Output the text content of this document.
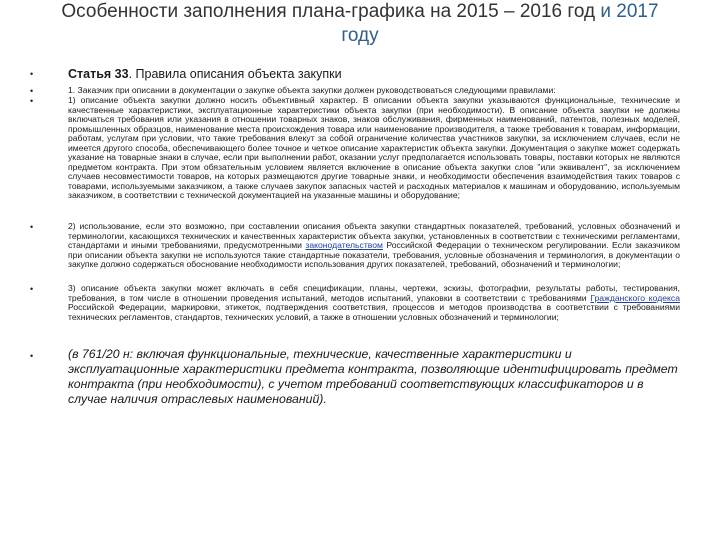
Особенности заполнения плана-графика на 2015 – 2016 год и 2017
году
•	Статья 33. Правила описания объекта закупки
•	1. Заказчик при описании в документации о закупке объекта закупки должен руководствоваться следующими правилами:
•	1) описание объекта закупки должно носить объективный характер. В описании объекта закупки указываются функциональные, технические и качественные характеристики, эксплуатационные характеристики объекта закупки (при необходимости). В описание объекта закупки не должны включаться требования или указания в отношении товарных знаков, знаков обслуживания, фирменных наименований, патентов, полезных моделей, промышленных образцов, наименование места происхождения товара или наименование производителя, а также требования к товарам, информации, работам, услугам при условии, что такие требования влекут за собой ограничение количества участников закупки, за исключением случаев, если не имеется другого способа, обеспечивающего более точное и четкое описание характеристик объекта закупки. Документация о закупке может содержать указание на товарные знаки в случае, если при выполнении работ, оказании услуг предполагается использовать товары, поставки которых не являются предметом контракта. При этом обязательным условием является включение в описание объекта закупки слов "или эквивалент", за исключением случаев несовместимости товаров, на которых размещаются другие товарные знаки, и необходимости обеспечения взаимодействия таких товаров с товарами, используемыми заказчиком, а также случаев закупок запасных частей и расходных материалов к машинам и оборудованию, используемым заказчиком, в соответствии с технической документацией на указанные машины и оборудование;
•	2) использование, если это возможно, при составлении описания объекта закупки стандартных показателей, требований, условных обозначений и терминологии, касающихся технических и качественных характеристик объекта закупки, установленных в соответствии с техническими регламентами, стандартами и иными требованиями, предусмотренными законодательством Российской Федерации о техническом регулировании. Если заказчиком при описании объекта закупки не используются такие стандартные показатели, требования, условные обозначения и терминология, в документации о закупке должно содержаться обоснование необходимости использования других показателей, требований, обозначений и терминологии;
•	3) описание объекта закупки может включать в себя спецификации, планы, чертежи, эскизы, фотографии, результаты работы, тестирования, требования, в том числе в отношении проведения испытаний, методов испытаний, упаковки в соответствии с требованиями Гражданского кодекса Российской Федерации, маркировки, этикеток, подтверждения соответствия, процессов и методов производства в соответствии с требованиями технических регламентов, стандартов, технических условий, а также в отношении условных обозначений и терминологии;
•	(в 761/20 н: включая функциональные, технические, качественные характеристики и эксплуатационные характеристики предмета контракта, позволяющие идентифицировать предмет контракта (при необходимости), с учетом требований соответствующих классификаторов и в случае наличия отраслевых наименований).
